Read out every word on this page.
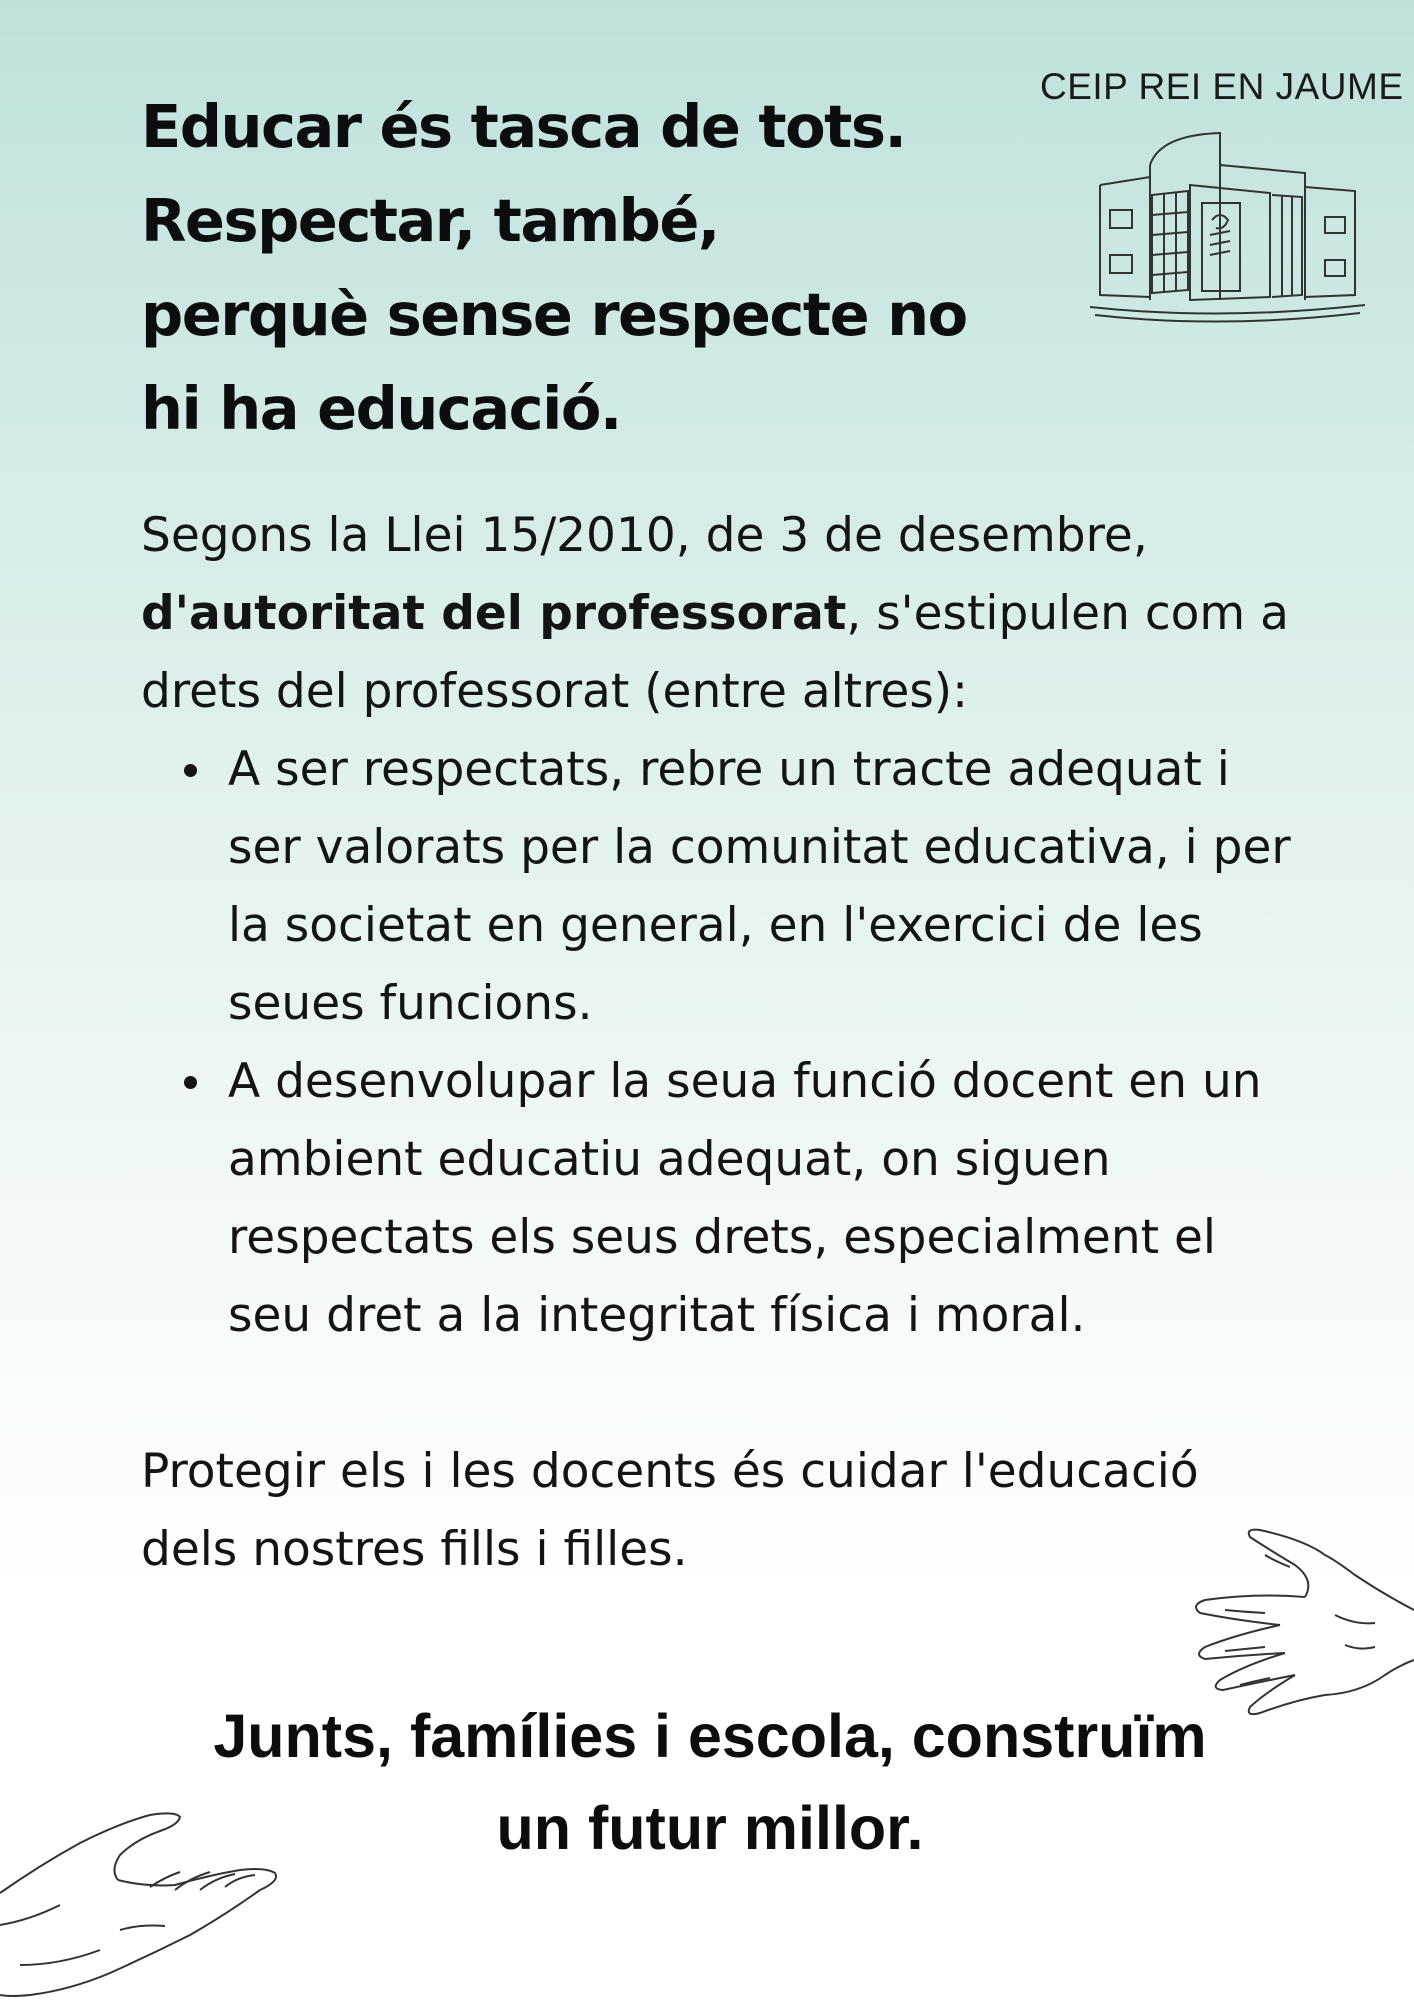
CEIP REI EN JAUME
Educar és tasca de tots.
Respectar, també,
perquè sense respecte no
hi ha educació.

Segons la Llei 15/2010, de 3 de desembre, d'autoritat del professorat, s'estipulen com a drets del professorat (entre altres):

A ser respectats, rebre un tracte adequat i ser valorats per la comunitat educativa, i per la societat en general, en l'exercici de les seues funcions.
A desenvolupar la seua funció docent en un ambient educatiu adequat, on siguen respectats els seus drets, especialment el seu dret a la integritat física i moral.

Protegir els i les docents és cuidar l'educació dels nostres fills i filles.

Junts, famílies i escola, construïm
un futur millor.
